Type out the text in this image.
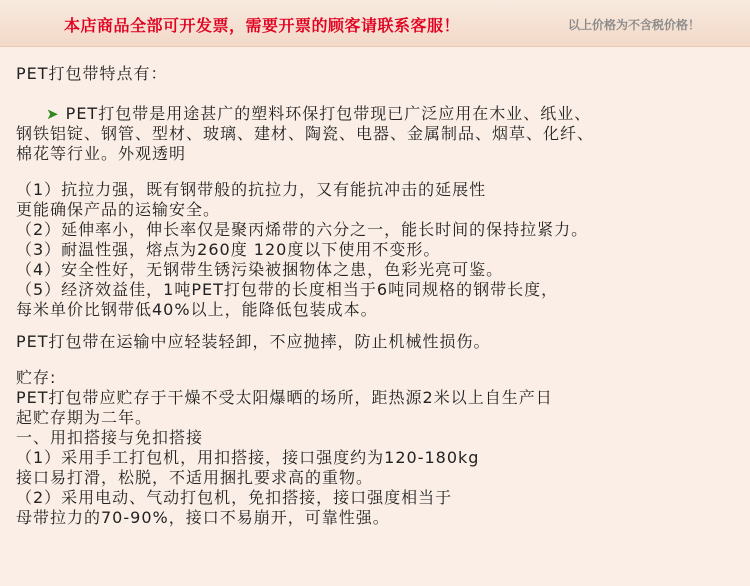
本店商品全部可开发票，需要开票的顾客请联系客服！	以上价格为不含税价格！
PET打包带特点有：
➤ PET打包带是用途甚广的塑料环保打包带现已广泛应用在木业、纸业、
钢铁铝锭、钢管、型材、玻璃、建材、陶瓷、电器、金属制品、烟草、化纤、
棉花等行业。外观透明
（1）抗拉力强，既有钢带般的抗拉力，又有能抗冲击的延展性
更能确保产品的运输安全。
（2）延伸率小，伸长率仅是聚丙烯带的六分之一，能长时间的保持拉紧力。
（3）耐温性强，熔点为260度 120度以下使用不变形。
（4）安全性好，无钢带生锈污染被捆物体之患，色彩光亮可鉴。
（5）经济效益佳，1吨PET打包带的长度相当于6吨同规格的钢带长度，
每米单价比钢带低40%以上，能降低包装成本。
PET打包带在运输中应轻装轻卸，不应抛摔，防止机械性损伤。
贮存:
PET打包带应贮存于干燥不受太阳爆晒的场所，距热源2米以上自生产日
起贮存期为二年。
一、用扣搭接与免扣搭接
（1）采用手工打包机，用扣搭接，接口强度约为120-180kg
接口易打滑，松脱，不适用捆扎要求高的重物。
（2）采用电动、气动打包机，免扣搭接，接口强度相当于
母带拉力的70-90%，接口不易崩开，可靠性强。
